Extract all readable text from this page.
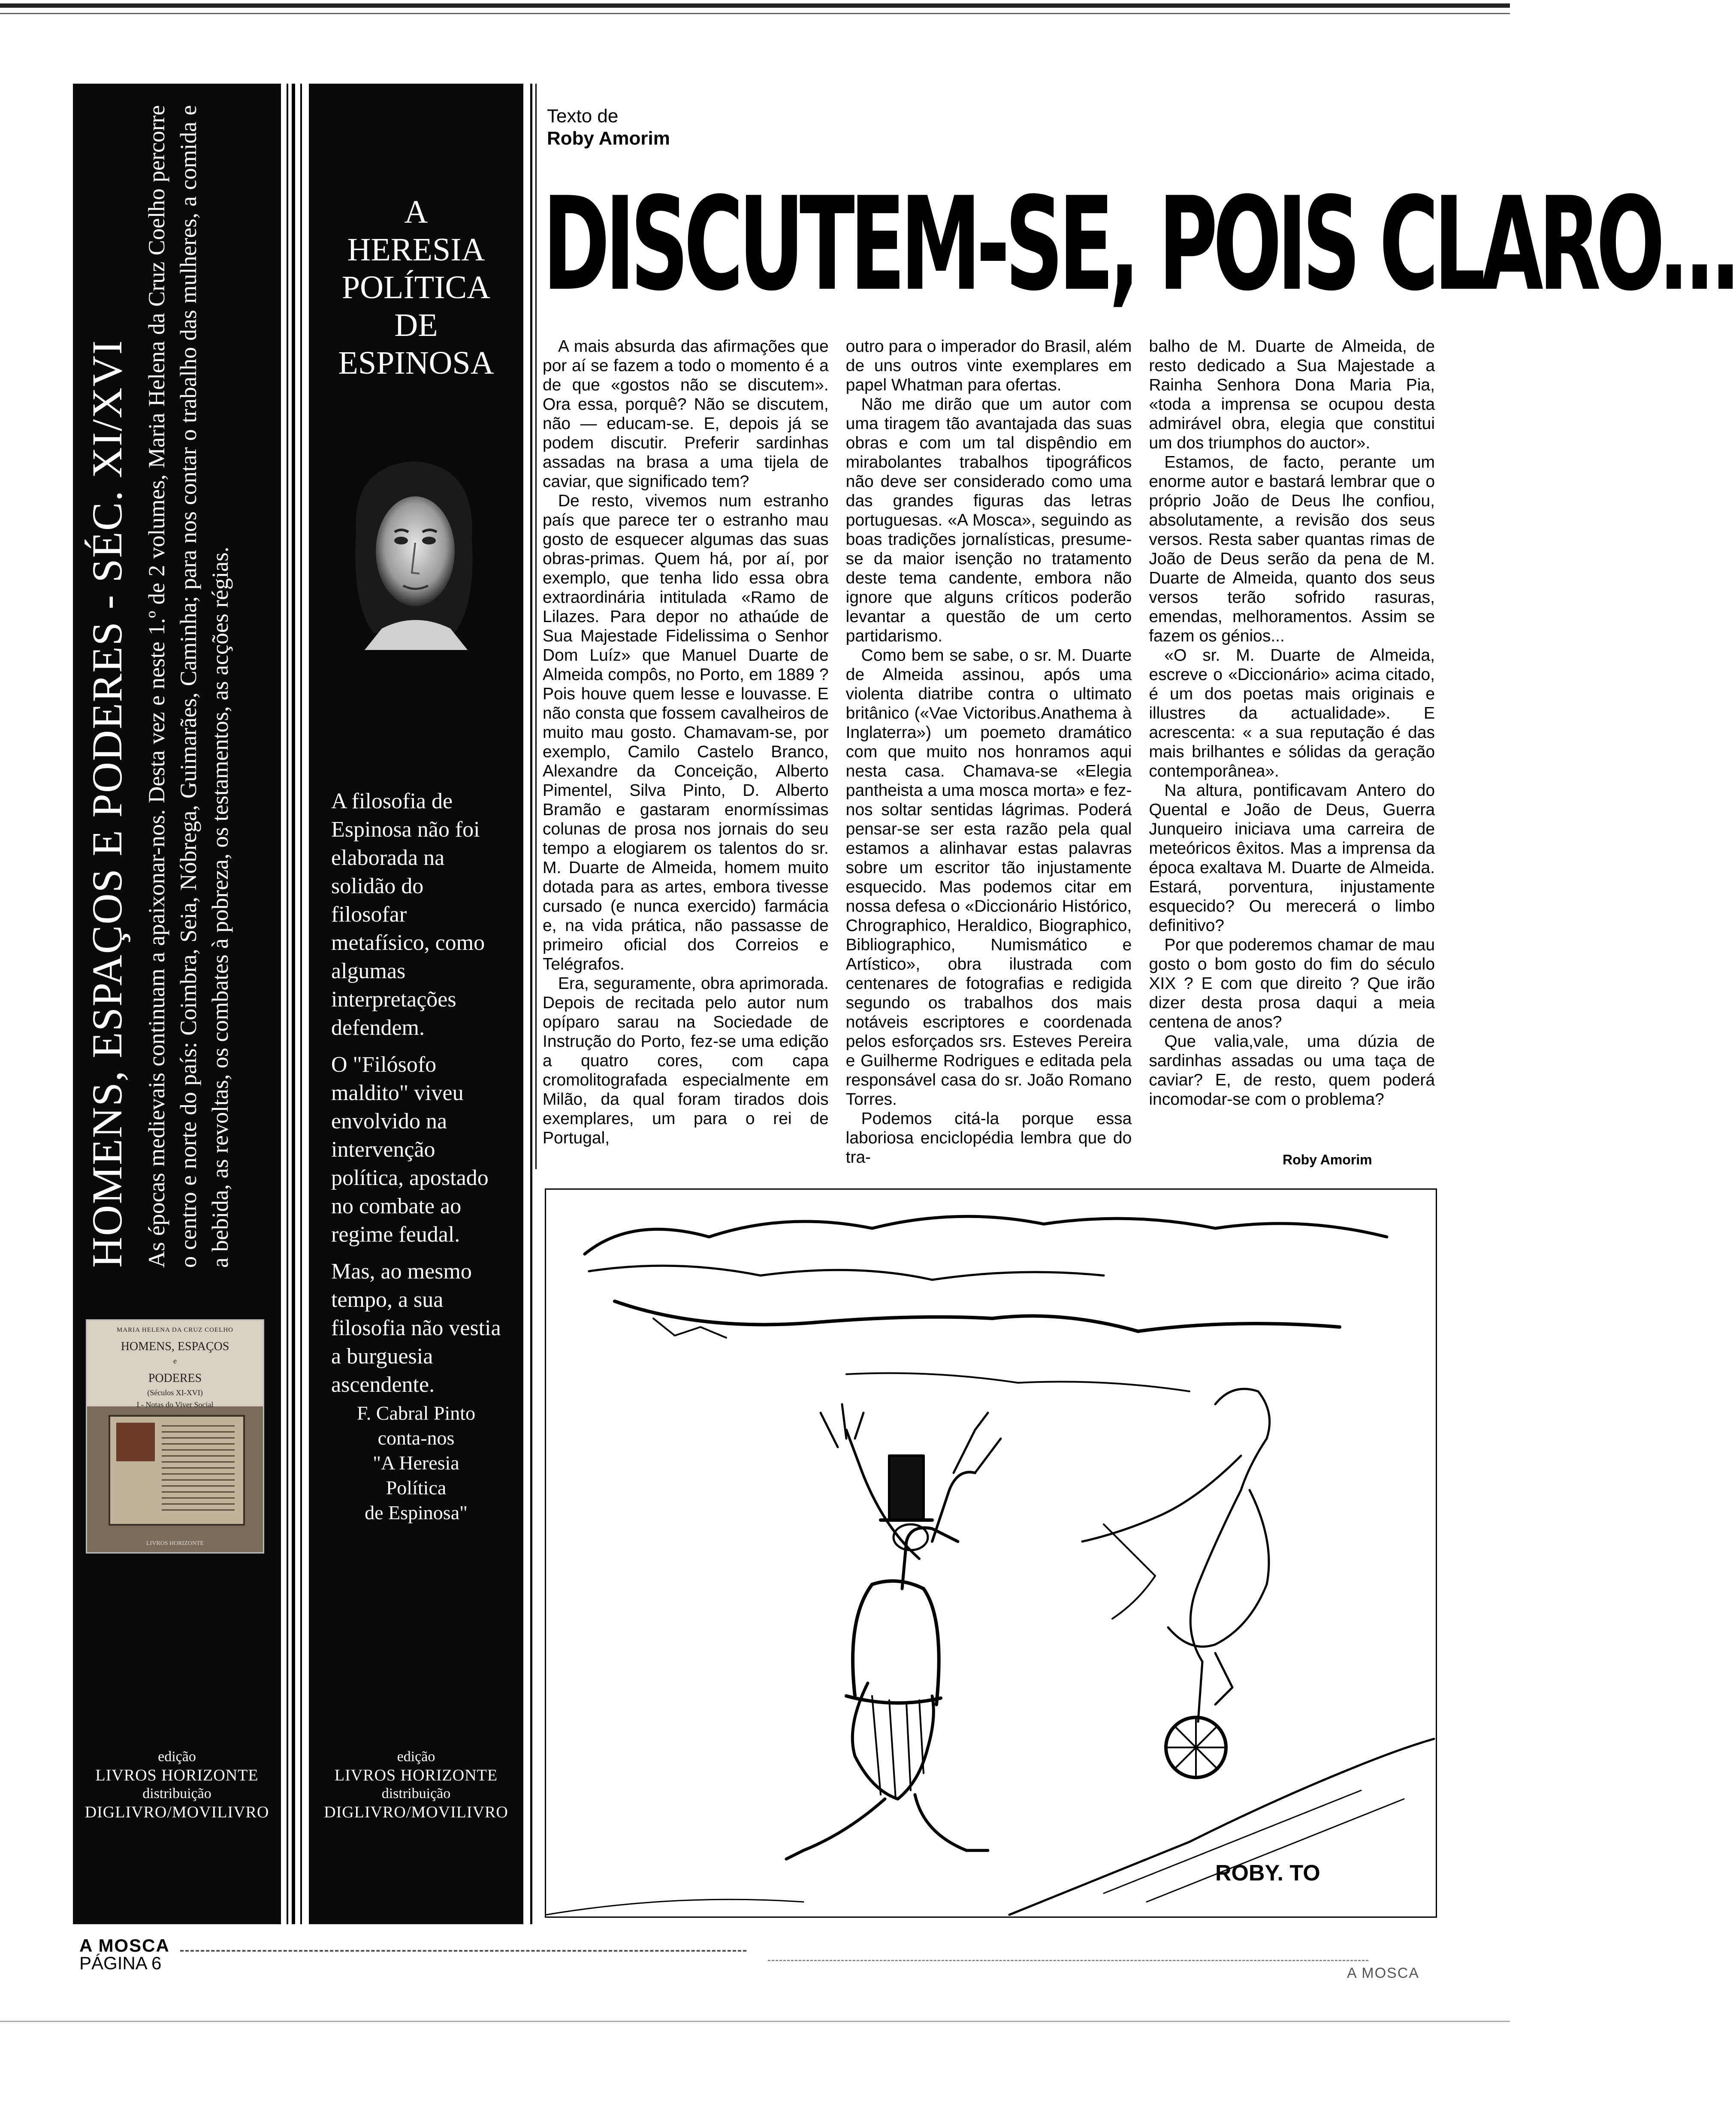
HOMENS, ESPAÇOS E PODERES - SÉC. XI/XVI As épocas medievais continuam a apaixonar-nos. Desta vez e neste 1.º de 2 volumes, Maria Helena da Cruz Coelho percorre o centro e norte do país: Coimbra, Seia, Nóbrega, Guimarães, Caminha; para nos contar o trabalho das mulheres, a comida e a bebida, as revoltas, os combates à pobreza, os testamentos, as acções régias.
MARIA HELENA DA CRUZ COELHO
HOMENS, ESPAÇOS
e
PODERES
(Séculos XI-XVI)
I - Notas do Viver Social
LIVROS HORIZONTE
edição
LIVROS HORIZONTE
distribuição
DIGLIVRO/MOVILIVRO
A
HERESIA
POLÍTICA
DE
ESPINOSA

A filosofia de Espinosa não foi elaborada na solidão do filosofar metafísico, como algumas interpretações defendem.

O "Filósofo maldito" viveu envolvido na intervenção política, apostado no combate ao regime feudal.

Mas, ao mesmo tempo, a sua filosofia não vestia a burguesia ascendente.

F. Cabral Pinto
conta-nos
"A Heresia
Política
de Espinosa"
edição
LIVROS HORIZONTE
distribuição
DIGLIVRO/MOVILIVRO
Texto de
Roby Amorim
DISCUTEM-SE, POIS CLARO...

A mais absurda das afirmações que por aí se fazem a todo o momento é a de que «gostos não se discutem». Ora essa, porquê? Não se discutem, não — educam-se. E, depois já se podem discutir. Preferir sardinhas assadas na brasa a uma tijela de caviar, que significado tem?

De resto, vivemos num estranho país que parece ter o estranho mau gosto de esquecer algumas das suas obras-primas. Quem há, por aí, por exemplo, que tenha lido essa obra extraordinária intitulada «Ramo de Lilazes. Para depor no athaúde de Sua Majestade Fidelissima o Senhor Dom Luíz» que Manuel Duarte de Almeida compôs, no Porto, em 1889 ? Pois houve quem lesse e louvasse. E não consta que fossem cavalheiros de muito mau gosto. Chamavam-se, por exemplo, Camilo Castelo Branco, Alexandre da Conceição, Alberto Pimentel, Silva Pinto, D. Alberto Bramão e gastaram enormíssimas colunas de prosa nos jornais do seu tempo a elogiarem os talentos do sr. M. Duarte de Almeida, homem muito dotada para as artes, embora tivesse cursado (e nunca exercido) farmácia e, na vida prática, não passasse de primeiro oficial dos Correios e Telégrafos.

Era, seguramente, obra aprimorada. Depois de recitada pelo autor num opíparo sarau na Sociedade de Instrução do Porto, fez-se uma edição a quatro cores, com capa cromolitografada especialmente em Milão, da qual foram tirados dois exemplares, um para o rei de Portugal,

outro para o imperador do Brasil, além de uns outros vinte exemplares em papel Whatman para ofertas.

Não me dirão que um autor com uma tiragem tão avantajada das suas obras e com um tal dispêndio em mirabolantes trabalhos tipográficos não deve ser considerado como uma das grandes figuras das letras portuguesas. «A Mosca», seguindo as boas tradições jornalísticas, presume-se da maior isenção no tratamento deste tema candente, embora não ignore que alguns críticos poderão levantar a questão de um certo partidarismo.

Como bem se sabe, o sr. M. Duarte de Almeida assinou, após uma violenta diatribe contra o ultimato britânico («Vae Victoribus.Anathema à Inglaterra») um poemeto dramático com que muito nos honramos aqui nesta casa. Chamava-se «Elegia pantheista a uma mosca morta» e fez-nos soltar sentidas lágrimas. Poderá pensar-se ser esta razão pela qual estamos a alinhavar estas palavras sobre um escritor tão injustamente esquecido. Mas podemos citar em nossa defesa o «Diccionário Histórico, Chrographico, Heraldico, Biographico, Bibliographico, Numismático e Artístico», obra ilustrada com centenares de fotografias e redigida segundo os trabalhos dos mais notáveis escriptores e coordenada pelos esforçados srs. Esteves Pereira e Guilherme Rodrigues e editada pela responsável casa do sr. João Romano Torres.

Podemos citá-la porque essa laboriosa enciclopédia lembra que do tra-

balho de M. Duarte de Almeida, de resto dedicado a Sua Majestade a Rainha Senhora Dona Maria Pia, «toda a imprensa se ocupou desta admirável obra, elegia que constitui um dos triumphos do auctor».

Estamos, de facto, perante um enorme autor e bastará lembrar que o próprio João de Deus lhe confiou, absolutamente, a revisão dos seus versos. Resta saber quantas rimas de João de Deus serão da pena de M. Duarte de Almeida, quanto dos seus versos terão sofrido rasuras, emendas, melhoramentos. Assim se fazem os génios...

«O sr. M. Duarte de Almeida, escreve o «Diccionário» acima citado, é um dos poetas mais originais e illustres da actualidade». E acrescenta: « a sua reputação é das mais brilhantes e sólidas da geração contemporânea».

Na altura, pontificavam Antero do Quental e João de Deus, Guerra Junqueiro iniciava uma carreira de meteóricos êxitos. Mas a imprensa da época exaltava M. Duarte de Almeida. Estará, porventura, injustamente esquecido? Ou merecerá o limbo definitivo?

Por que poderemos chamar de mau gosto o bom gosto do fim do século XIX ? E com que direito ? Que irão dizer desta prosa daqui a meia centena de anos?

Que valia,vale, uma dúzia de sardinhas assadas ou uma taça de caviar? E, de resto, quem poderá incomodar-se com o problema?

Roby Amorim
ROBY. TO
A MOSCA
PÁGINA 6	A MOSCA
